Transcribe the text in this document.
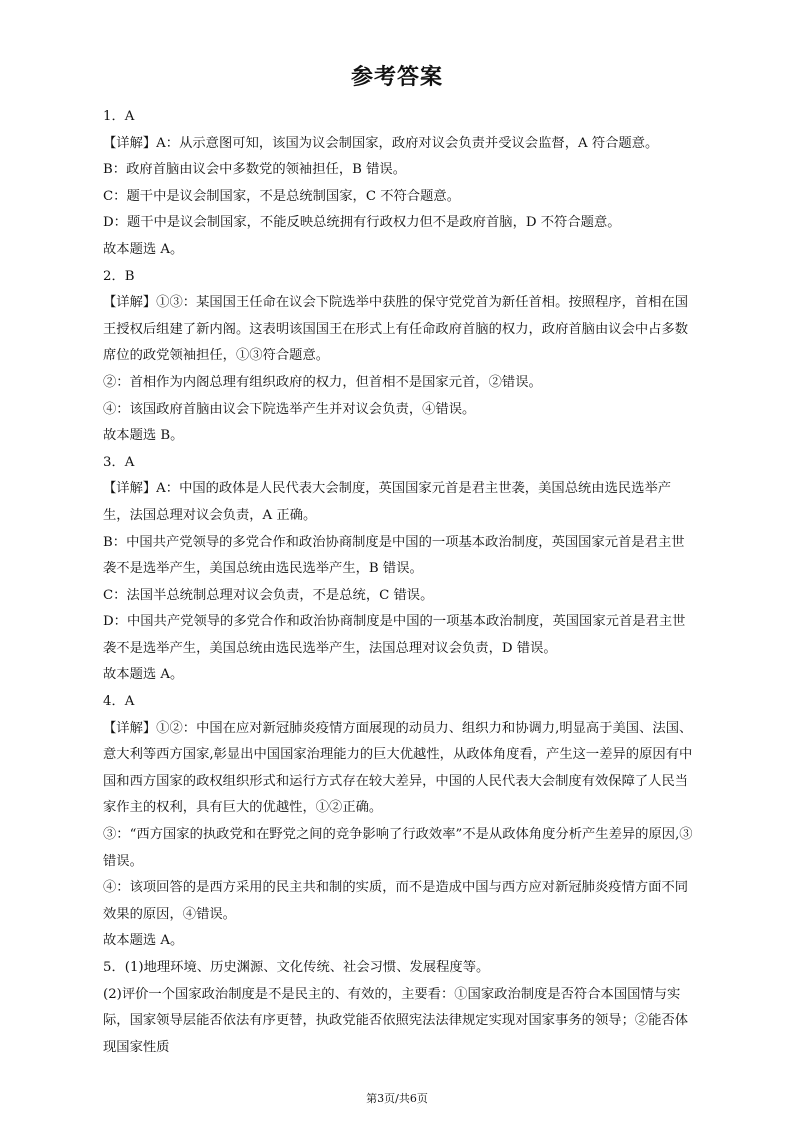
参考答案

1．A

【详解】A：从示意图可知，该国为议会制国家，政府对议会负责并受议会监督，A 符合题意。

B：政府首脑由议会中多数党的领袖担任，B 错误。

C：题干中是议会制国家，不是总统制国家，C 不符合题意。

D：题干中是议会制国家，不能反映总统拥有行政权力但不是政府首脑，D 不符合题意。

故本题选 A。

2．B

【详解】①③：某国国王任命在议会下院选举中获胜的保守党党首为新任首相。按照程序，首相在国王授权后组建了新内阁。这表明该国国王在形式上有任命政府首脑的权力，政府首脑由议会中占多数席位的政党领袖担任，①③符合题意。

②：首相作为内阁总理有组织政府的权力，但首相不是国家元首，②错误。

④：该国政府首脑由议会下院选举产生并对议会负责，④错误。

故本题选 B。

3．A

【详解】A：中国的政体是人民代表大会制度，英国国家元首是君主世袭，美国总统由选民选举产生，法国总理对议会负责，A 正确。

B：中国共产党领导的多党合作和政治协商制度是中国的一项基本政治制度，英国国家元首是君主世袭不是选举产生，美国总统由选民选举产生，B 错误。

C：法国半总统制总理对议会负责，不是总统，C 错误。

D：中国共产党领导的多党合作和政治协商制度是中国的一项基本政治制度，英国国家元首是君主世袭不是选举产生，美国总统由选民选举产生，法国总理对议会负责，D 错误。

故本题选 A。

4．A

【详解】①②：中国在应对新冠肺炎疫情方面展现的动员力、组织力和协调力,明显高于美国、法国、意大利等西方国家,彰显出中国国家治理能力的巨大优越性，从政体角度看，产生这一差异的原因有中国和西方国家的政权组织形式和运行方式存在较大差异，中国的人民代表大会制度有效保障了人民当家作主的权利，具有巨大的优越性，①②正确。

③：“西方国家的执政党和在野党之间的竞争影响了行政效率”不是从政体角度分析产生差异的原因,③错误。

④：该项回答的是西方采用的民主共和制的实质，而不是造成中国与西方应对新冠肺炎疫情方面不同效果的原因，④错误。

故本题选 A。

5．(1)地理环境、历史渊源、文化传统、社会习惯、发展程度等。

(2)评价一个国家政治制度是不是民主的、有效的，主要看：①国家政治制度是否符合本国国情与实际，国家领导层能否依法有序更替，执政党能否依照宪法法律规定实现对国家事务的领导；②能否体现国家性质

第3页/共6页
